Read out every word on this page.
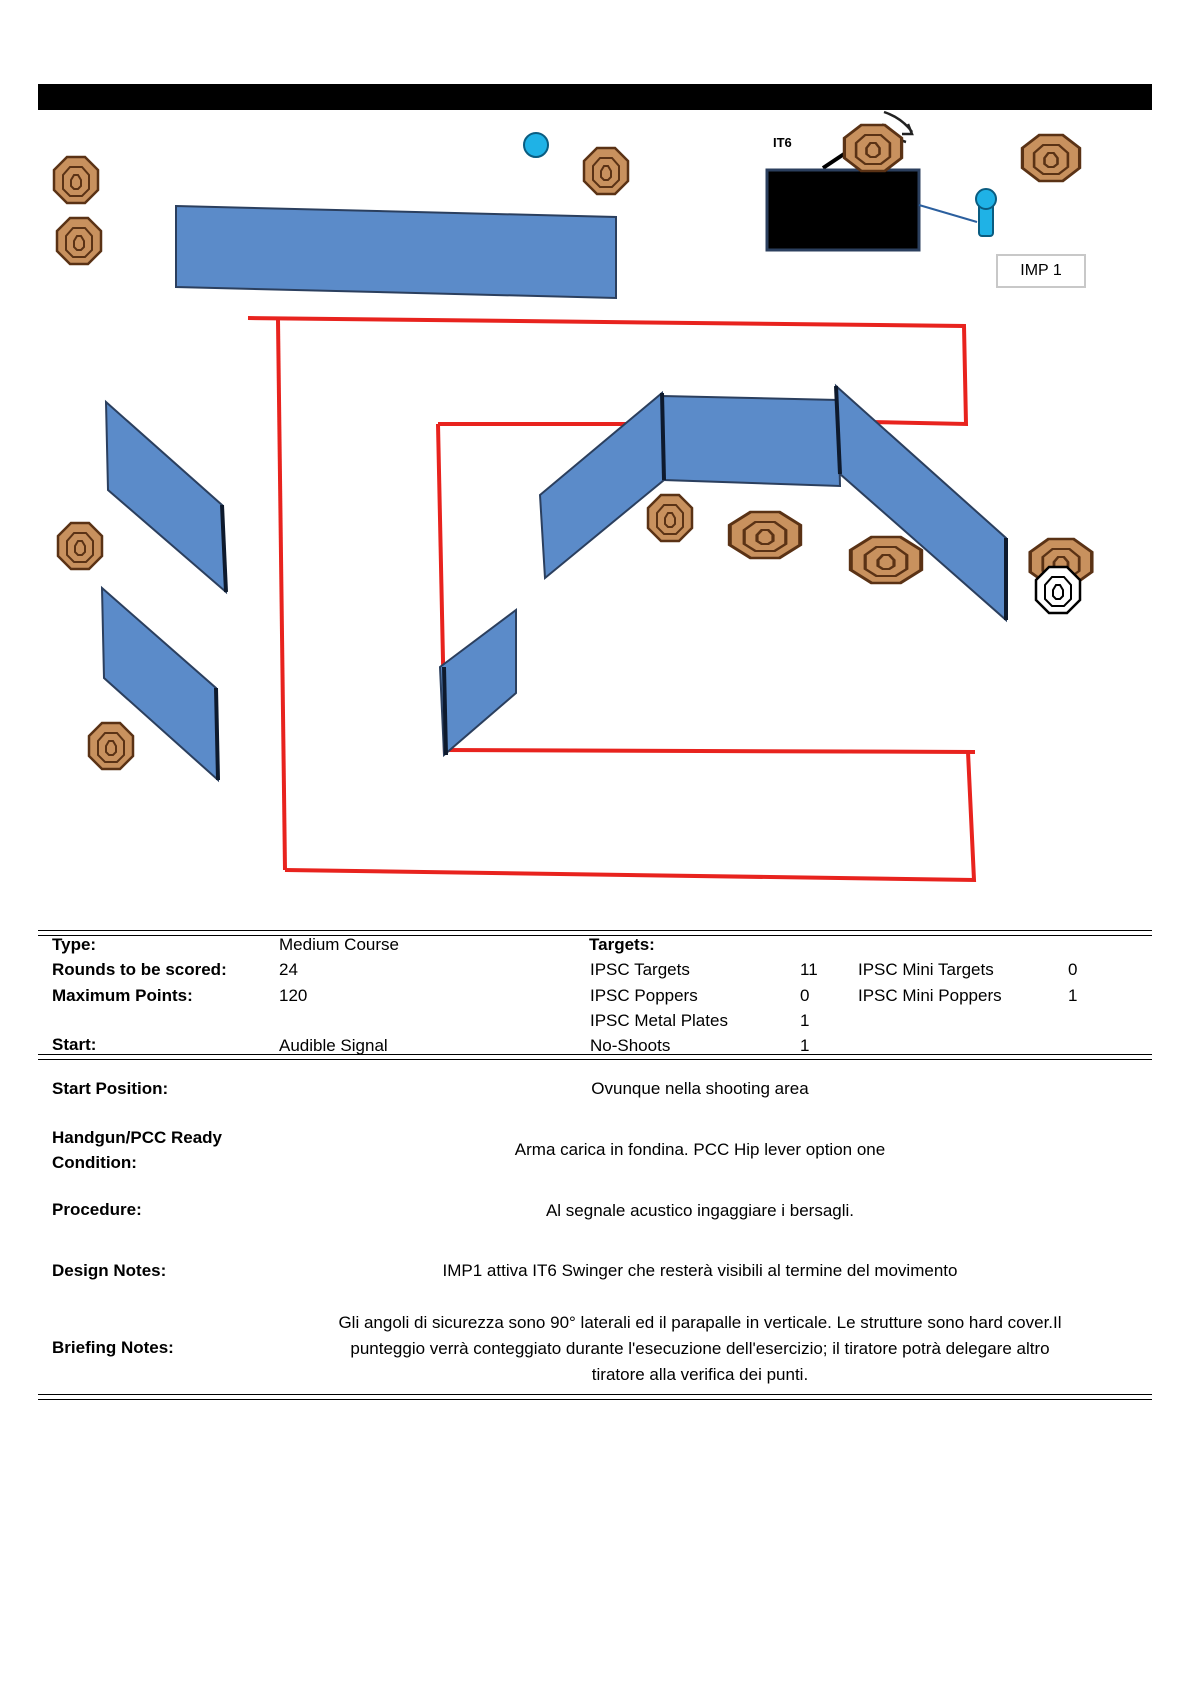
IT6
IMP 1
Type:	Medium Course
Rounds to be scored:	24
Maximum Points:	120
Start:	Audible Signal
Targets:
IPSC Targets	11
IPSC Poppers	0
IPSC Metal Plates	1
No-Shoots	1
IPSC Mini Targets	0
IPSC Mini Poppers	1
Start Position:	Ovunque nella shooting area
Handgun/PCC Ready
Condition:
Arma carica in fondina. PCC Hip lever option one
Procedure:	Al segnale acustico ingaggiare i bersagli.
Design Notes:	IMP1 attiva IT6 Swinger che resterà visibili al termine del movimento
Briefing Notes:
Gli angoli di sicurezza sono 90° laterali ed il parapalle in verticale. Le strutture sono hard cover.Il
punteggio verrà conteggiato durante l'esecuzione dell'esercizio; il tiratore potrà delegare altro
tiratore alla verifica dei punti.
